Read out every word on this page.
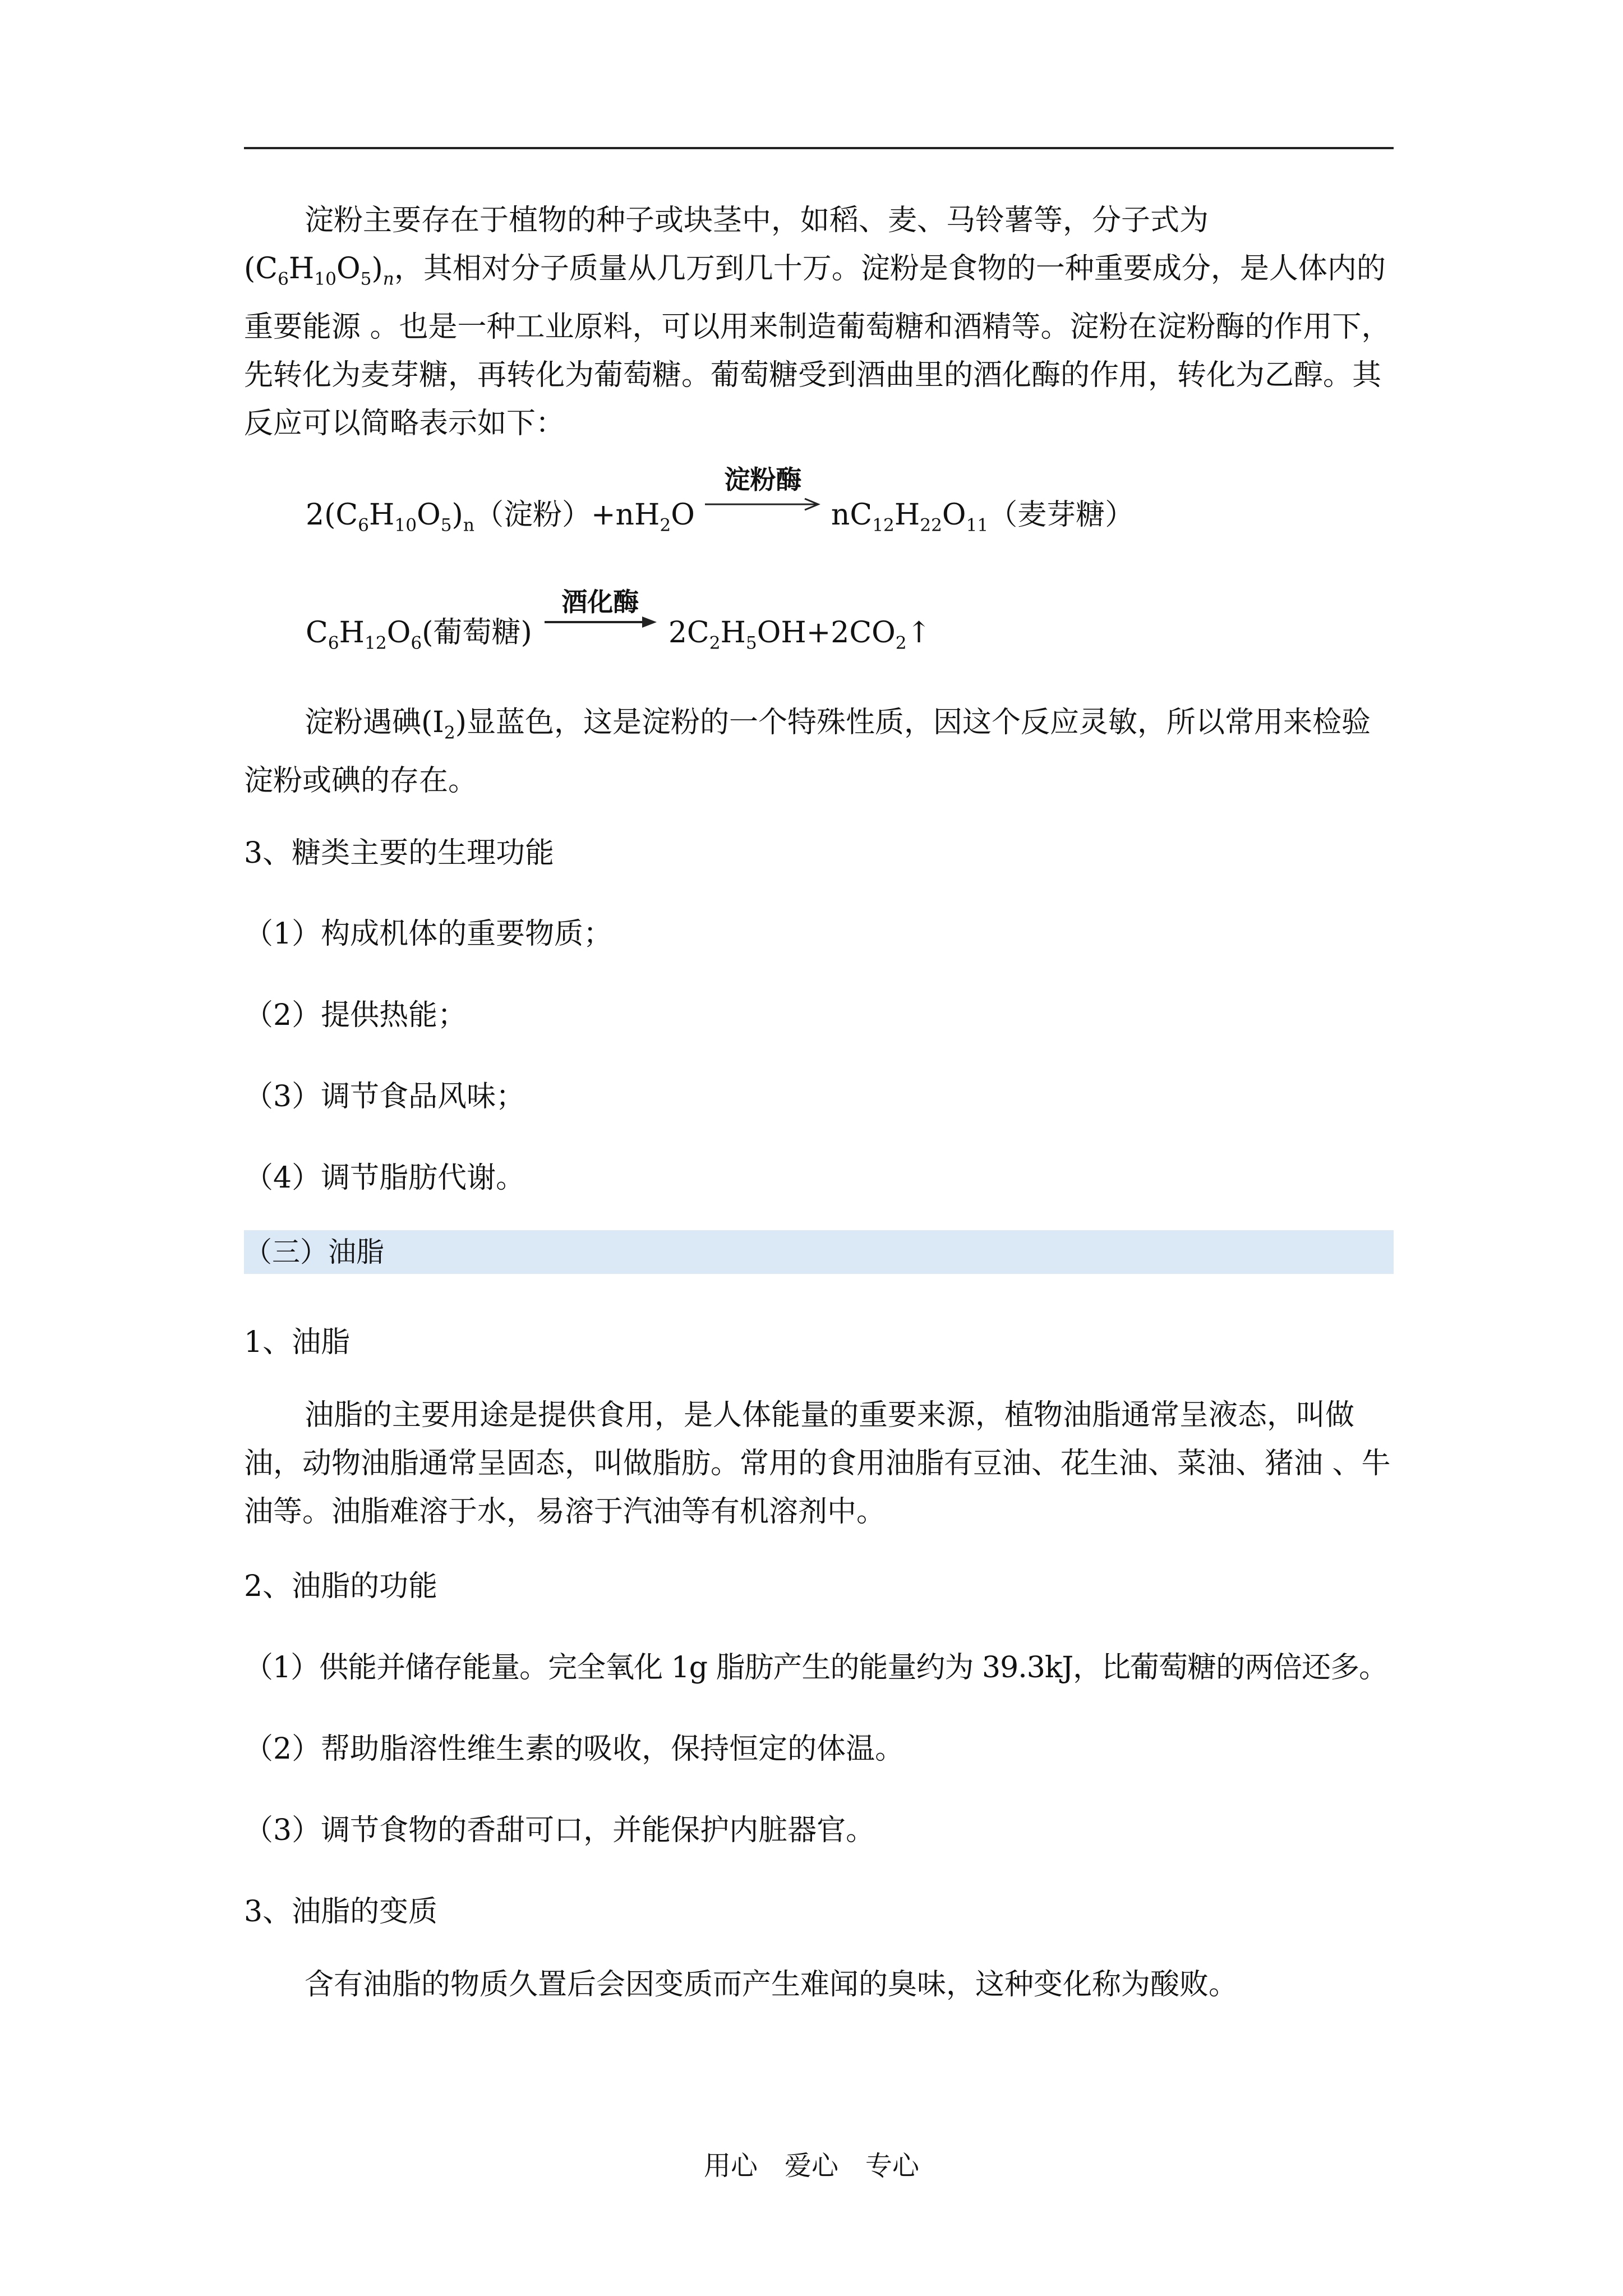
淀粉主要存在于植物的种子或块茎中，如稻、麦、马铃薯等，分子式为 $(C_6H_{10}O_5)_n$，其相对分子质量从几万到几十万。淀粉是食物的一种重要成分，是人体内的重要能源 。也是一种工业原料，可以用来制造葡萄糖和酒精等。淀粉在淀粉酶的作用下，先转化为麦芽糖，再转化为葡萄糖。葡萄糖受到酒曲里的酒化酶的作用，转化为乙醇。其反应可以简略表示如下：
$2(C_6H_{10}O_5)_n$（淀粉）$+nH_2O$
淀粉酶
$nC_{12}H_{22}O_{11}$（麦芽糖）
$C_6H_{12}O_6$(葡萄糖)
酒化酶
$2C_2H_5OH+2CO_2↑$
淀粉遇碘$(I_2)$显蓝色，这是淀粉的一个特殊性质，因这个反应灵敏，所以常用来检验淀粉或碘的存在。
3、糖类主要的生理功能
（1）构成机体的重要物质；
（2）提供热能；
（3）调节食品风味；
（4）调节脂肪代谢。
（三）油脂
1、油脂
油脂的主要用途是提供食用，是人体能量的重要来源，植物油脂通常呈液态，叫做油，动物油脂通常呈固态，叫做脂肪。常用的食用油脂有豆油、花生油、菜油、猪油 、牛油等。油脂难溶于水，易溶于汽油等有机溶剂中。
2、油脂的功能
（1）供能并储存能量。完全氧化 1g 脂肪产生的能量约为 39.3kJ，比葡萄糖的两倍还多。
（2）帮助脂溶性维生素的吸收，保持恒定的体温。
（3）调节食物的香甜可口，并能保护内脏器官。
3、油脂的变质
含有油脂的物质久置后会因变质而产生难闻的臭味，这种变化称为酸败。
用心　爱心　专心
